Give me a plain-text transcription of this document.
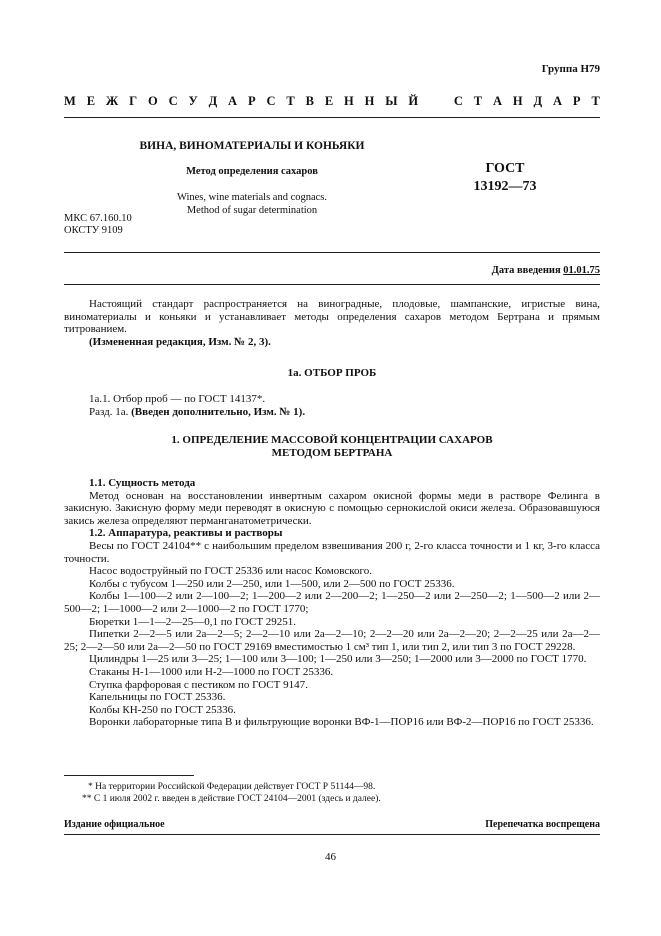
Группа Н79
М Е Ж Г О С У Д А Р С Т В Е Н Н Ы Й	С Т А Н Д А Р Т
ВИНА, ВИНОМАТЕРИАЛЫ И КОНЬЯКИ
Метод определения сахаров
Wines, wine materials and cognacs.
Method of sugar determination
ГОСТ
13192—73
МКС 67.160.10
ОКСТУ 9109
Дата введения 01.01.75

Настоящий стандарт распространяется на виноградные, плодовые, шампанские, игристые вина, виноматериалы и коньяки и устанавливает методы определения сахаров методом Бертрана и прямым титрованием.

(Измененная редакция, Изм. № 2, 3).

1а. ОТБОР ПРОБ

1а.1. Отбор проб — по ГОСТ 14137*.

Разд. 1а. (Введен дополнительно, Изм. № 1).

1. ОПРЕДЕЛЕНИЕ МАССОВОЙ КОНЦЕНТРАЦИИ САХАРОВ
МЕТОДОМ БЕРТРАНА

1.1. Сущность метода

Метод основан на восстановлении инвертным сахаром окисной формы меди в растворе Фелинга в закисную. Закисную форму меди переводят в окисную с помощью сернокислой окиси железа. Образовавшуюся закись железа определяют перманганатометрически.

1.2. Аппаратура, реактивы и растворы

Весы по ГОСТ 24104** с наибольшим пределом взвешивания 200 г, 2-го класса точности и 1 кг, 3-го класса точности.

Насос водоструйный по ГОСТ 25336 или насос Комовского.

Колбы с тубусом 1—250 или 2—250, или 1—500, или 2—500 по ГОСТ 25336.

Колбы 1—100—2 или 2—100—2; 1—200—2 или 2—200—2; 1—250—2 или 2—250—2; 1—500—2 или 2—500—2; 1—1000—2 или 2—1000—2 по ГОСТ 1770;

Бюретки 1—1—2—25—0,1 по ГОСТ 29251.

Пипетки 2—2—5 или 2а—2—5; 2—2—10 или 2а—2—10; 2—2—20 или 2а—2—20; 2—2—25 или 2а—2—25; 2—2—50 или 2а—2—50 по ГОСТ 29169 вместимостью 1 см³ тип 1, или тип 2, или тип 3 по ГОСТ 29228.

Цилиндры 1—25 или 3—25; 1—100 или 3—100; 1—250 или 3—250; 1—2000 или 3—2000 по ГОСТ 1770.

Стаканы Н-1—1000 или Н-2—1000 по ГОСТ 25336.

Ступка фарфоровая с пестиком по ГОСТ 9147.

Капельницы по ГОСТ 25336.

Колбы КН-250 по ГОСТ 25336.

Воронки лабораторные типа В и фильтрующие воронки ВФ-1—ПОР16 или ВФ-2—ПОР16 по ГОСТ 25336.

* На территории Российской Федерации действует ГОСТ Р 51144—98.

** С 1 июля 2002 г. введен в действие ГОСТ 24104—2001 (здесь и далее).

Издание официальное	Перепечатка воспрещена
46
